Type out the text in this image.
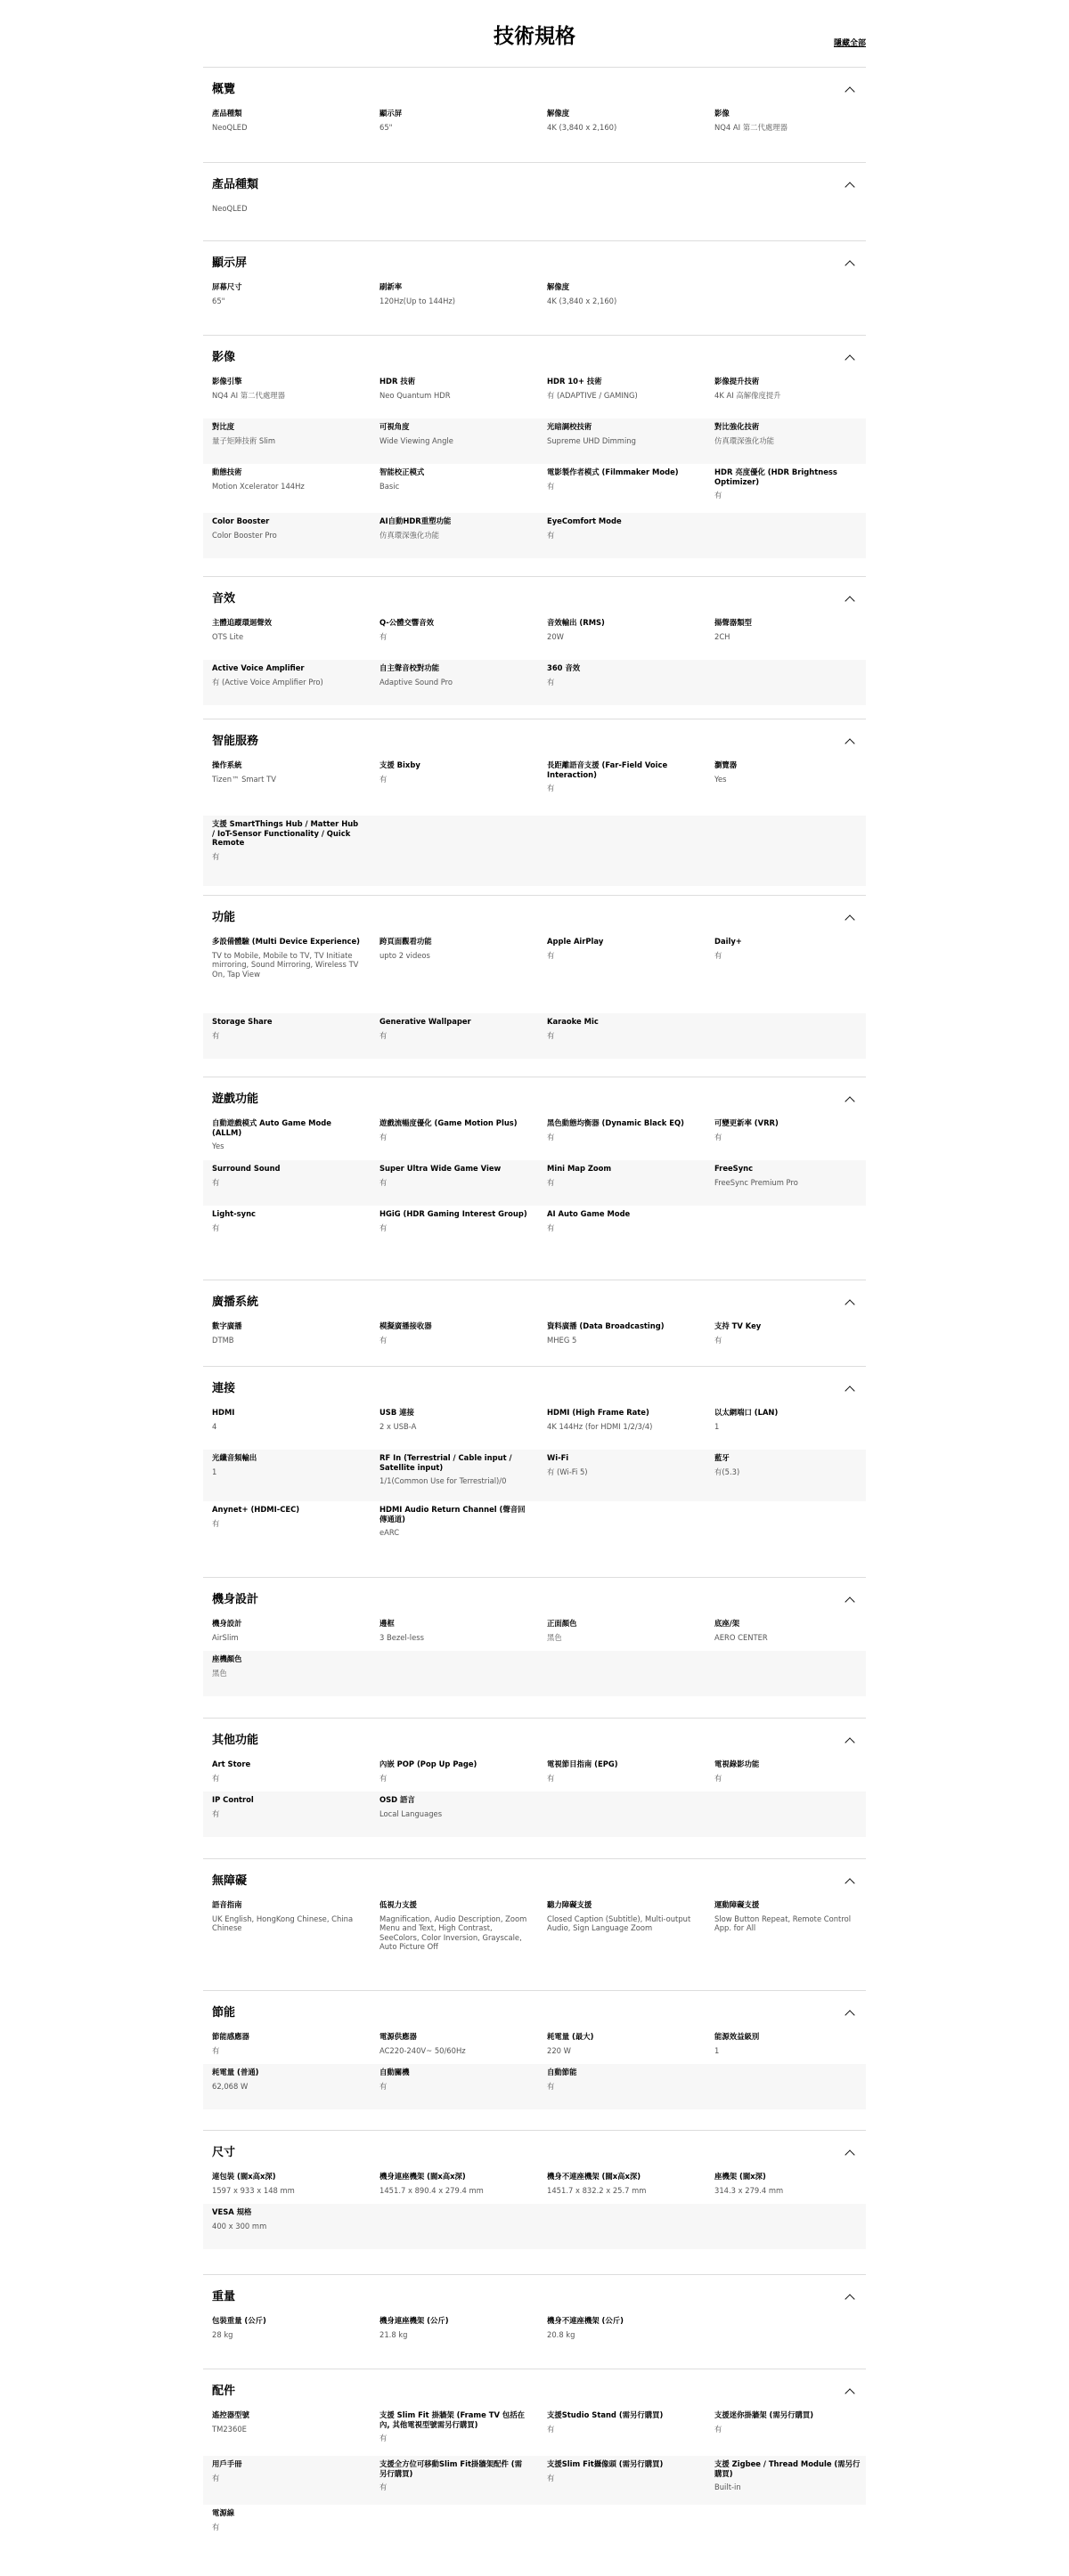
技術規格	隱藏全部
概覽
產品種類
NeoQLED
顯示屏
65"
解像度
4K (3,840 x 2,160)
影像
NQ4 AI 第二代處理器
產品種類
NeoQLED
顯示屏
屏幕尺寸
65"
刷新率
120Hz(Up to 144Hz)
解像度
4K (3,840 x 2,160)
影像
影像引擎
NQ4 AI 第二代處理器
HDR 技術
Neo Quantum HDR
HDR 10+ 技術
有 (ADAPTIVE / GAMING)
影像提升技術
4K AI 高解像度提升
對比度
量子矩陣技術 Slim
可視角度
Wide Viewing Angle
光暗調校技術
Supreme UHD Dimming
對比強化技術
仿真環深強化功能
動態技術
Motion Xcelerator 144Hz
智能校正模式
Basic
電影製作者模式 (Filmmaker Mode)
有
HDR 亮度優化 (HDR Brightness Optimizer)
有
Color Booster
Color Booster Pro
AI自動HDR重塑功能
仿真環深強化功能
EyeComfort Mode
有
音效
主體追蹤環迴聲效
OTS Lite
Q-公體交響音效
有
音效輸出 (RMS)
20W
揚聲器類型
2CH
Active Voice Amplifier
有 (Active Voice Amplifier Pro)
自主聲音校對功能
Adaptive Sound Pro
360 音效
有
智能服務
操作系統
Tizen™ Smart TV
支援 Bixby
有
長距離語音支援 (Far-Field Voice Interaction)
有
瀏覽器
Yes
支援 SmartThings Hub / Matter Hub / IoT-Sensor Functionality / Quick Remote
有
功能
多設備體驗 (Multi Device Experience)
TV to Mobile, Mobile to TV, TV Initiate mirroring, Sound Mirroring, Wireless TV On, Tap View
跨頁面觀看功能
upto 2 videos
Apple AirPlay
有
Daily+
有
Storage Share
有
Generative Wallpaper
有
Karaoke Mic
有
遊戲功能
自動遊戲模式 Auto Game Mode (ALLM)
Yes
遊戲流暢度優化 (Game Motion Plus)
有
黑色動態均衡器 (Dynamic Black EQ)
有
可變更新率 (VRR)
有
Surround Sound
有
Super Ultra Wide Game View
有
Mini Map Zoom
有
FreeSync
FreeSync Premium Pro
Light-sync
有
HGiG (HDR Gaming Interest Group)
有
AI Auto Game Mode
有
廣播系統
數字廣播
DTMB
模擬廣播接收器
有
資料廣播 (Data Broadcasting)
MHEG 5
支持 TV Key
有
連接
HDMI
4
USB 連接
2 x USB-A
HDMI (High Frame Rate)
4K 144Hz (for HDMI 1/2/3/4)
以太網端口 (LAN)
1
光纖音頻輸出
1
RF In (Terrestrial / Cable input / Satellite input)
1/1(Common Use for Terrestrial)/0
Wi-Fi
有 (Wi-Fi 5)
藍牙
有(5.3)
Anynet+ (HDMI-CEC)
有
HDMI Audio Return Channel (聲音回傳通道)
eARC
機身設計
機身設計
AirSlim
邊框
3 Bezel-less
正面顏色
黑色
底座/架
AERO CENTER
座機顏色
黑色
其他功能
Art Store
有
內嵌 POP (Pop Up Page)
有
電視節目指南 (EPG)
有
電視錄影功能
有
IP Control
有
OSD 語言
Local Languages
無障礙
語音指南
UK English, HongKong Chinese, China Chinese
低視力支援
Magnification, Audio Description, Zoom Menu and Text, High Contrast, SeeColors, Color Inversion, Grayscale, Auto Picture Off
聽力障礙支援
Closed Caption (Subtitle), Multi-output Audio, Sign Language Zoom
運動障礙支援
Slow Button Repeat, Remote Control App. for All
節能
節能感應器
有
電源供應器
AC220-240V~ 50/60Hz
耗電量 (最大)
220 W
能源效益級別
1
耗電量 (普通)
62,068 W
自動關機
有
自動節能
有
尺寸
連包裝 (闊x高x深)
1597 x 933 x 148 mm
機身連座機架 (闊x高x深)
1451.7 x 890.4 x 279.4 mm
機身不連座機架 (闊x高x深)
1451.7 x 832.2 x 25.7 mm
座機架 (闊x深)
314.3 x 279.4 mm
VESA 規格
400 x 300 mm
重量
包裝重量 (公斤)
28 kg
機身連座機架 (公斤)
21.8 kg
機身不連座機架 (公斤)
20.8 kg
配件
遙控器型號
TM2360E
支援 Slim Fit 掛牆架 (Frame TV 包括在內, 其他電視型號需另行購買)
有
支援Studio Stand (需另行購買)
有
支援迷你掛牆架 (需另行購買)
有
用戶手冊
有
支援全方位可移動Slim Fit掛牆架配件 (需另行購買)
有
支援Slim Fit攝像頭 (需另行購買)
有
支援 Zigbee / Thread Module (需另行購買)
Built-in
電源線
有
